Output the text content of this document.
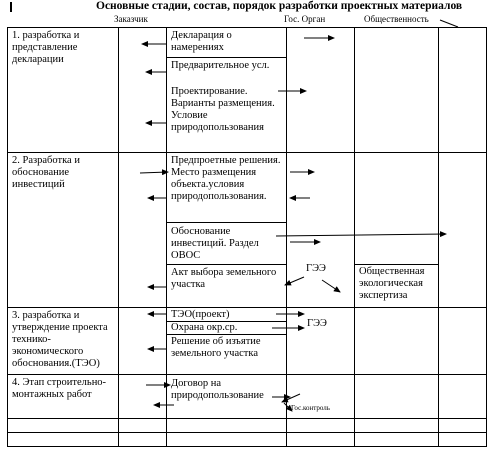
Основные стадии, состав, порядок разработки проектных материалов
Заказчик	Гос. Орган	Общественность
1. разработка и представление декларации
2. Разработка и обоснование инвестиций
3. разработка и утверждение проекта технико-экономического обоснования.(ТЭО)
4. Этап строительно-монтажных работ
Декларация о намерениях
Предварительное усл.
Проектирование. Варианты размещения. Условие природопользования
Предпроетные решения. Место размещения объекта.условия природопользования.
Обоснование инвестиций. Раздел ОВОС
Акт выбора земельного участка
ТЭО(проект)
Охрана окр.ср.
Решение об изъятие земельного участка
Договор на природопользование
ГЭЭ
ГЭЭ
Гос.контроль
Общественная экологическая экспертиза
